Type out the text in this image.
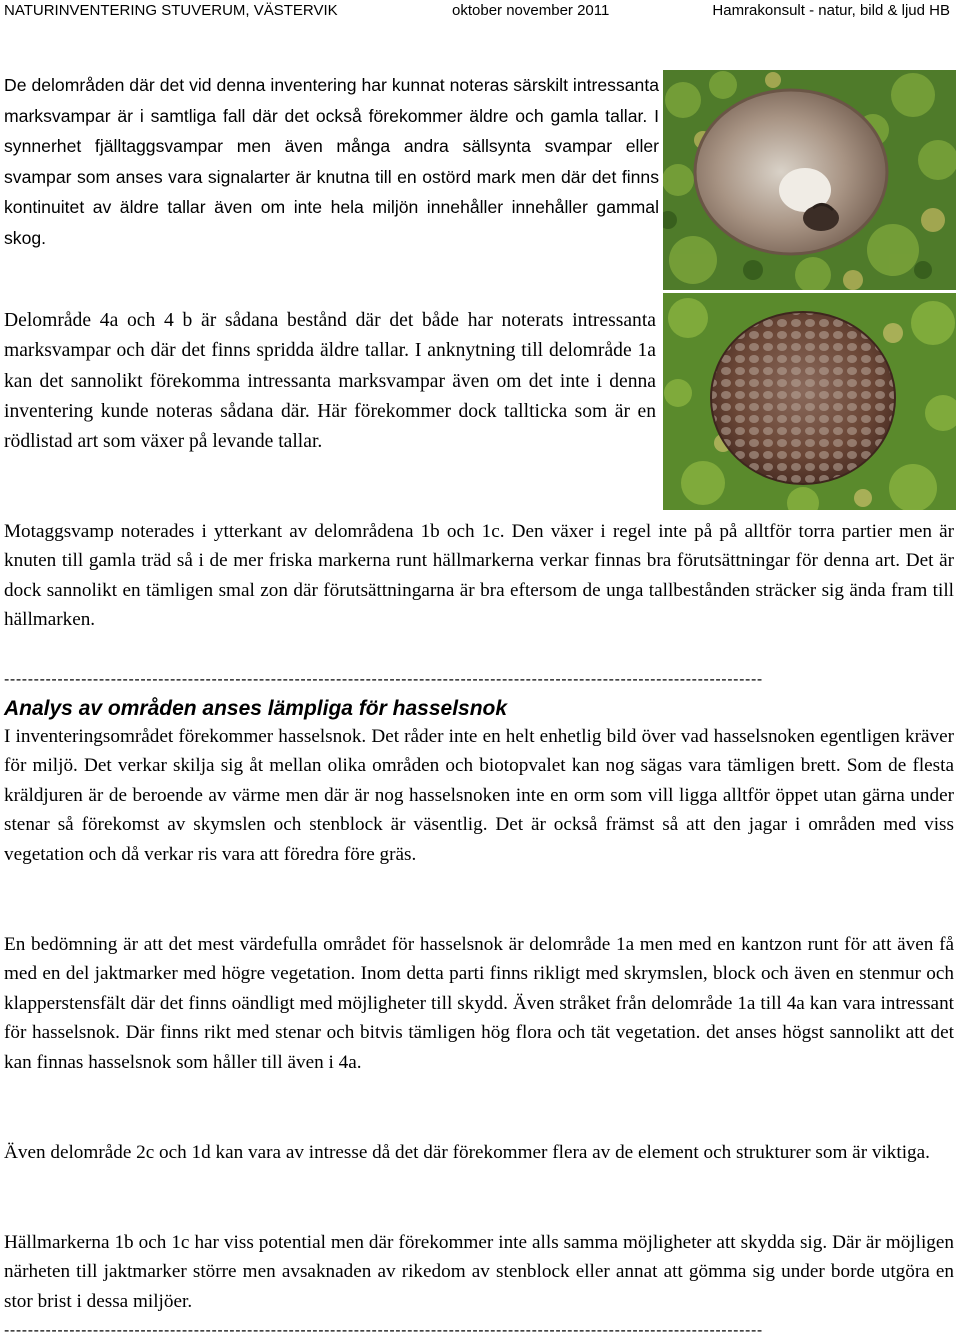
NATURINVENTERING STUVERUM, VÄSTERVIK	oktober november 2011	Hamrakonsult - natur, bild & ljud HB

De delområden där det vid denna inventering har kunnat noteras särskilt intressanta marksvampar är i samtliga fall där det också förekommer äldre och gamla tallar. I synnerhet fjälltaggsvampar men även många andra sällsynta svampar eller svampar som anses vara signalarter är knutna till en ostörd mark men där det finns kontinuitet av äldre tallar även om inte hela miljön innehåller innehåller gammal skog.

Delområde 4a och 4 b är sådana bestånd där det både har noterats intressanta marksvampar och där det finns spridda äldre tallar. I anknytning till delområde 1a kan det sannolikt förekomma intressanta marksvampar även om det inte i denna inventering kunde noteras sådana där. Här förekommer dock tallticka som är en rödlistad art som växer på levande tallar.

Motaggsvamp noterades i ytterkant av delområdena 1b och 1c. Den växer i regel inte på på alltför torra partier men är knuten till gamla träd så i de mer friska markerna runt hällmarkerna verkar finnas bra förutsättningar för denna art. Det är dock sannolikt en tämligen smal zon där förutsättningarna är bra eftersom de unga tallbestånden sträcker sig ända fram till hällmarken.

--------------------------------------------------------------------------------------------------------------------------------
Analys av områden anses lämpliga för hasselsnok

I inventeringsområdet förekommer hasselsnok. Det råder inte en helt enhetlig bild över vad hasselsnoken egentligen kräver för miljö. Det verkar skilja sig åt mellan olika områden och biotopvalet kan nog sägas vara tämligen brett. Som de flesta kräldjuren är de beroende av värme men där är nog hasselsnoken inte en orm som vill ligga alltför öppet utan gärna under stenar så förekomst av skymslen och stenblock är väsentlig. Det är också främst så att den jagar i områden med viss vegetation och då verkar ris vara att föredra före gräs.

En bedömning är att det mest värdefulla området för hasselsnok är delområde 1a men med en kantzon runt för att även få med en del jaktmarker med högre vegetation. Inom detta parti finns rikligt med skrymslen, block och även en stenmur och klapperstensfält där det finns oändligt med möjligheter till skydd. Även stråket från delområde 1a till 4a kan vara intressant för hasselsnok. Där finns rikt med stenar och bitvis tämligen hög flora och tät vegetation. det anses högst sannolikt att det kan finnas hasselsnok som håller till även i 4a.

Även delområde 2c och 1d kan vara av intresse då det där förekommer flera av de element och strukturer som är viktiga.

Hällmarkerna 1b och 1c har viss potential men där förekommer inte alls samma möjligheter att skydda sig. Där är möjligen närheten till jaktmarker större men avsaknaden av rikedom av stenblock eller annat att gömma sig under borde utgöra en stor brist i dessa miljöer.

--------------------------------------------------------------------------------------------------------------------------------
